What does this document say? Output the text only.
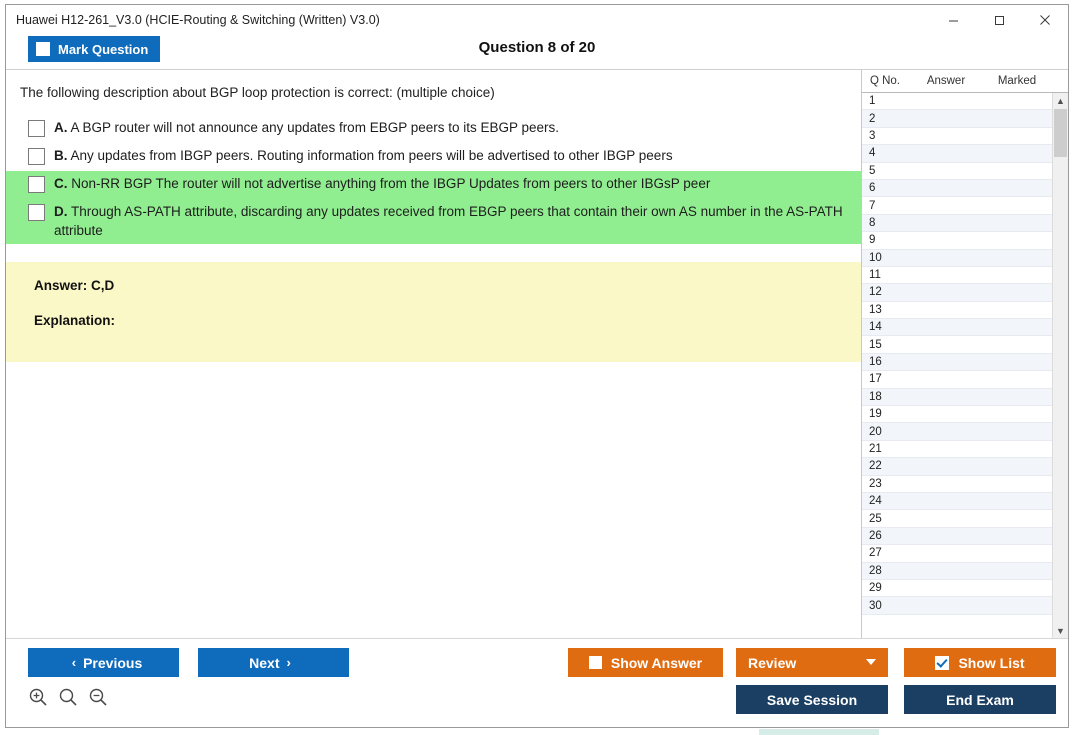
Huawei H12-261_V3.0 (HCIE-Routing & Switching (Written) V3.0)
Mark Question	Question 8 of 20
The following description about BGP loop protection is correct: (multiple choice)
A. A BGP router will not announce any updates from EBGP peers to its EBGP peers.
B. Any updates from IBGP peers. Routing information from peers will be advertised to other IBGP peers
C. Non-RR BGP The router will not advertise anything from the IBGP Updates from peers to other IBGsP peer
D. Through AS-PATH attribute, discarding any updates received from EBGP peers that contain their own AS number in the AS-PATH attribute
Answer: C,D
Explanation:
Q No.	Answer	Marked
1
2
3
4
5
6
7
8
9
10
11
12
13
14
15
16
17
18
19
20
21
22
23
24
25
26
27
28
29
30
▲
▼
‹ Previous	Next ›	Show Answer	Review	Show List
Save Session	End Exam
